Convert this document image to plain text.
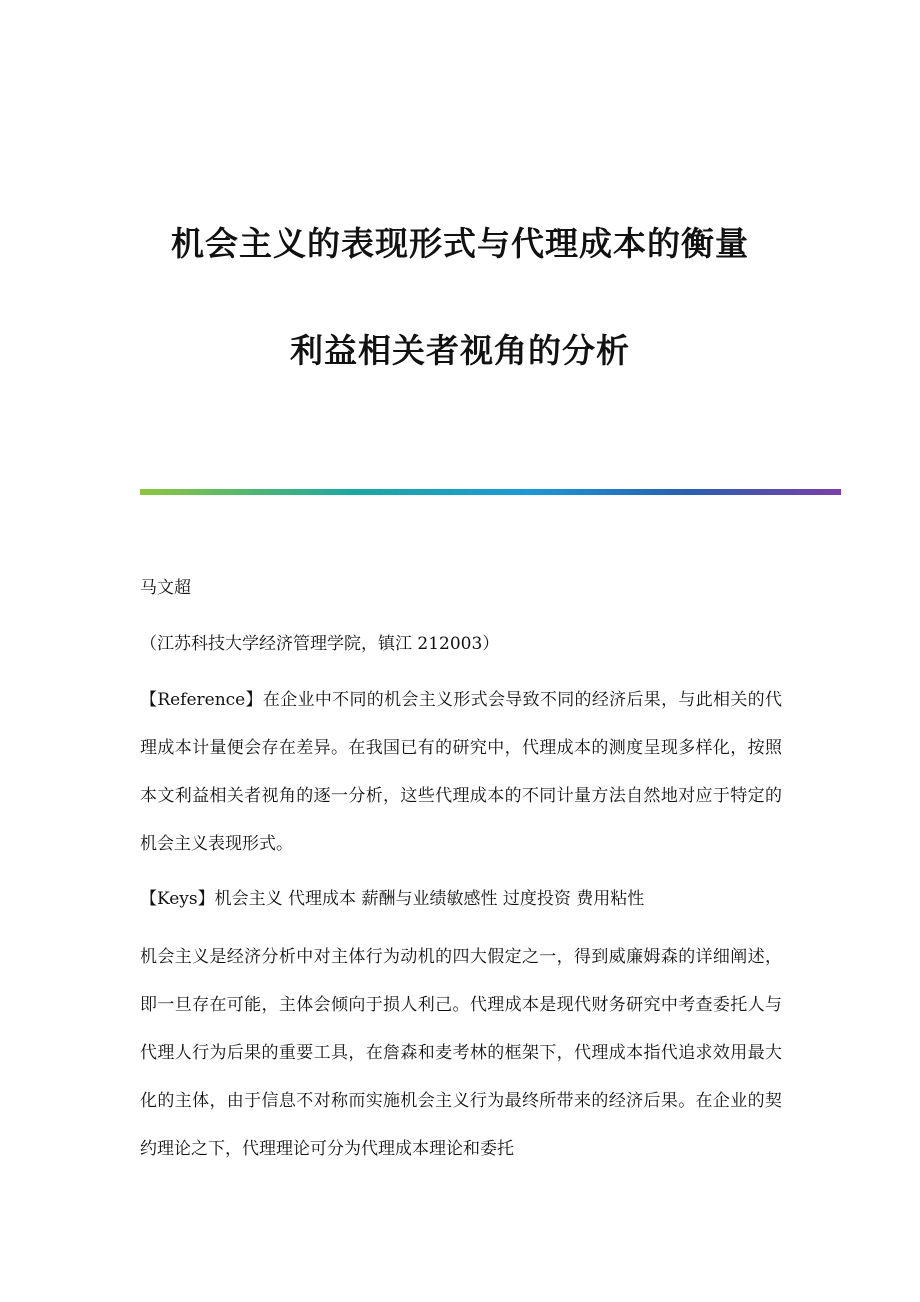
机会主义的表现形式与代理成本的衡量
利益相关者视角的分析
马文超
（江苏科技大学经济管理学院，镇江 212003）
【Reference】在企业中不同的机会主义形式会导致不同的经济后果，与此相关的代理成本计量便会存在差异。在我国已有的研究中，代理成本的测度呈现多样化，按照本文利益相关者视角的逐一分析，这些代理成本的不同计量方法自然地对应于特定的机会主义表现形式。
【Keys】机会主义 代理成本 薪酬与业绩敏感性 过度投资 费用粘性
机会主义是经济分析中对主体行为动机的四大假定之一，得到威廉姆森的详细阐述，即一旦存在可能，主体会倾向于损人利己。代理成本是现代财务研究中考查委托人与代理人行为后果的重要工具，在詹森和麦考林的框架下，代理成本指代追求效用最大化的主体，由于信息不对称而实施机会主义行为最终所带来的经济后果。在企业的契约理论之下，代理理论可分为代理成本理论和委托
